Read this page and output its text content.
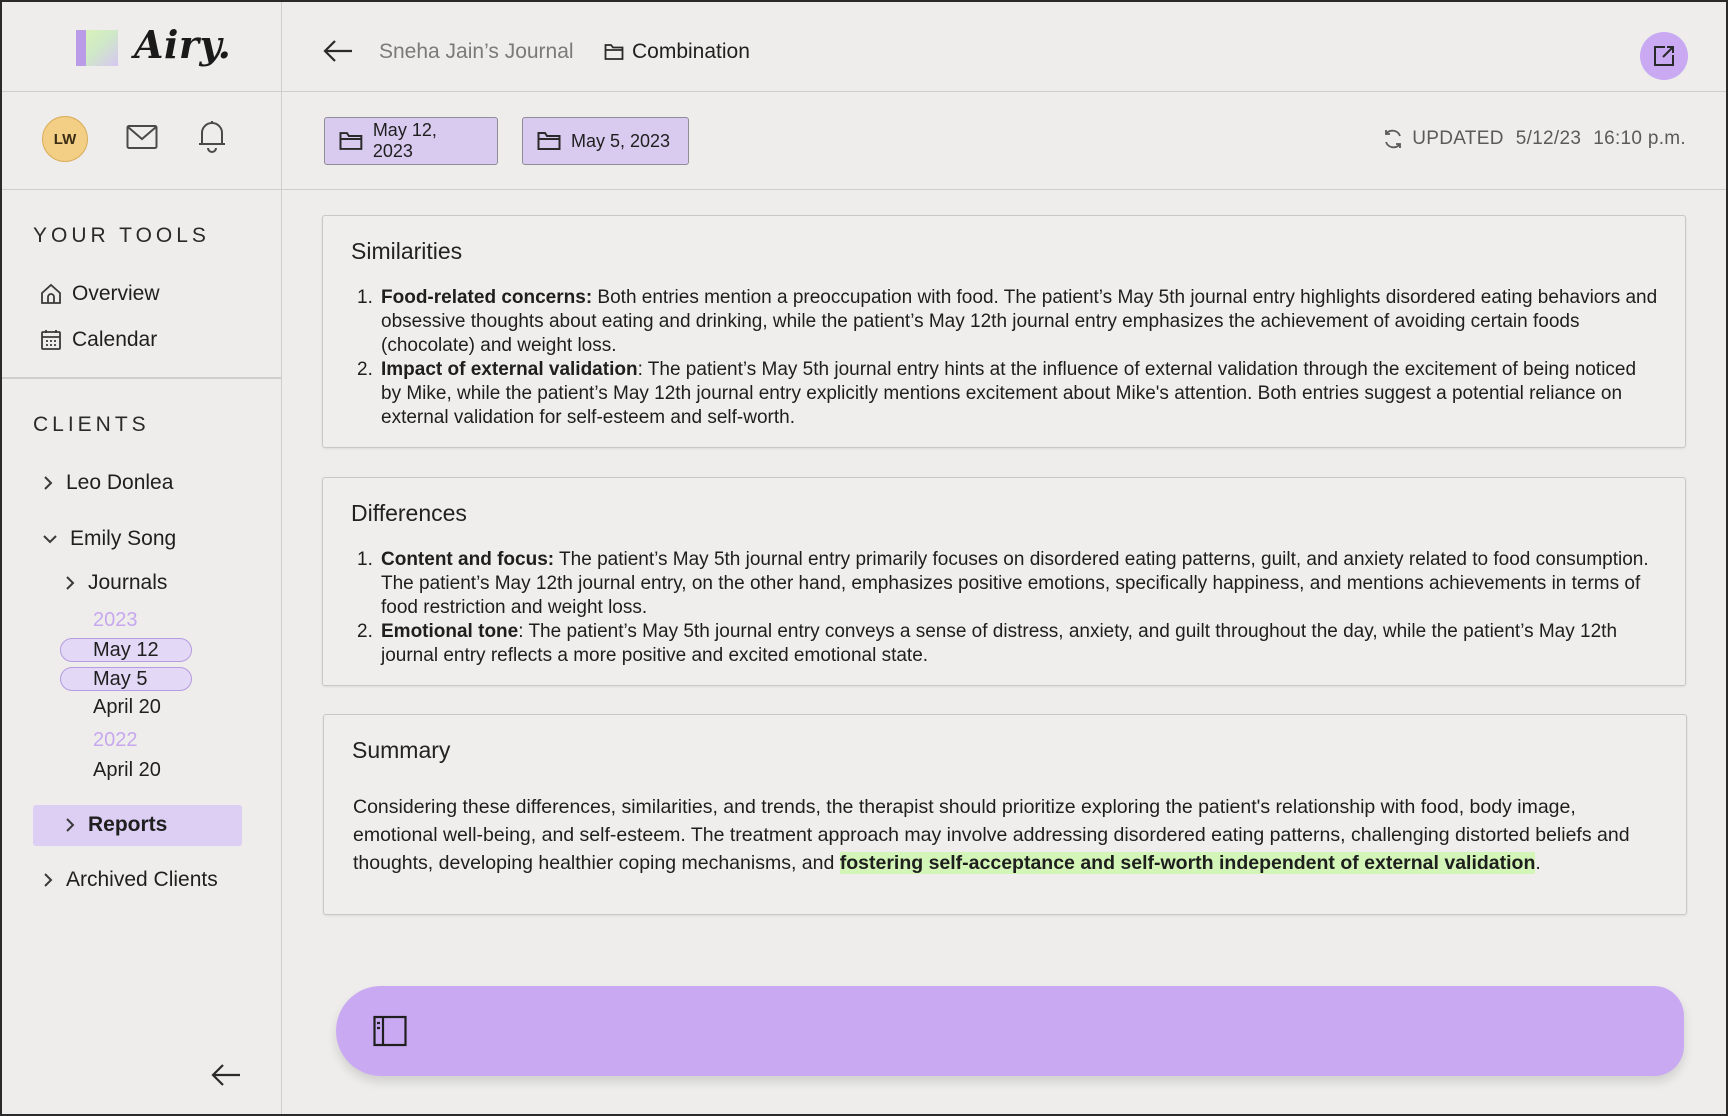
Airy.
LW
YOUR TOOLS
Overview
Calendar
CLIENTS
Leo Donlea
Emily Song
Journals
2023
May 12
May 5
April 20
2022
April 20
Reports
Archived Clients
Sneha Jain’s Journal	Combination
May 12, 2023
May 5, 2023	UPDATED 5/12/23 16:10 p.m.
Similarities
1. Food-related concerns: Both entries mention a preoccupation with food. The patient’s May 5th journal entry highlights disordered eating behaviors and obsessive thoughts about eating and drinking, while the patient’s May 12th journal entry emphasizes the achievement of avoiding certain foods (chocolate) and weight loss.
2. Impact of external validation: The patient’s May 5th journal entry hints at the influence of external validation through the excitement of being noticed by Mike, while the patient’s May 12th journal entry explicitly mentions excitement about Mike's attention. Both entries suggest a potential reliance on external validation for self-esteem and self-worth.
Differences
1. Content and focus: The patient’s May 5th journal entry primarily focuses on disordered eating patterns, guilt, and anxiety related to food consumption. The patient’s May 12th journal entry, on the other hand, emphasizes positive emotions, specifically happiness, and mentions achievements in terms of food restriction and weight loss.
2. Emotional tone: The patient’s May 5th journal entry conveys a sense of distress, anxiety, and guilt throughout the day, while the patient’s May 12th journal entry reflects a more positive and excited emotional state.
Summary

Considering these differences, similarities, and trends, the therapist should prioritize exploring the patient's relationship with food, body image, emotional well-being, and self-esteem. The treatment approach may involve addressing disordered eating patterns, challenging distorted beliefs and thoughts, developing healthier coping mechanisms, and fostering self-acceptance and self-worth independent of external validation.
